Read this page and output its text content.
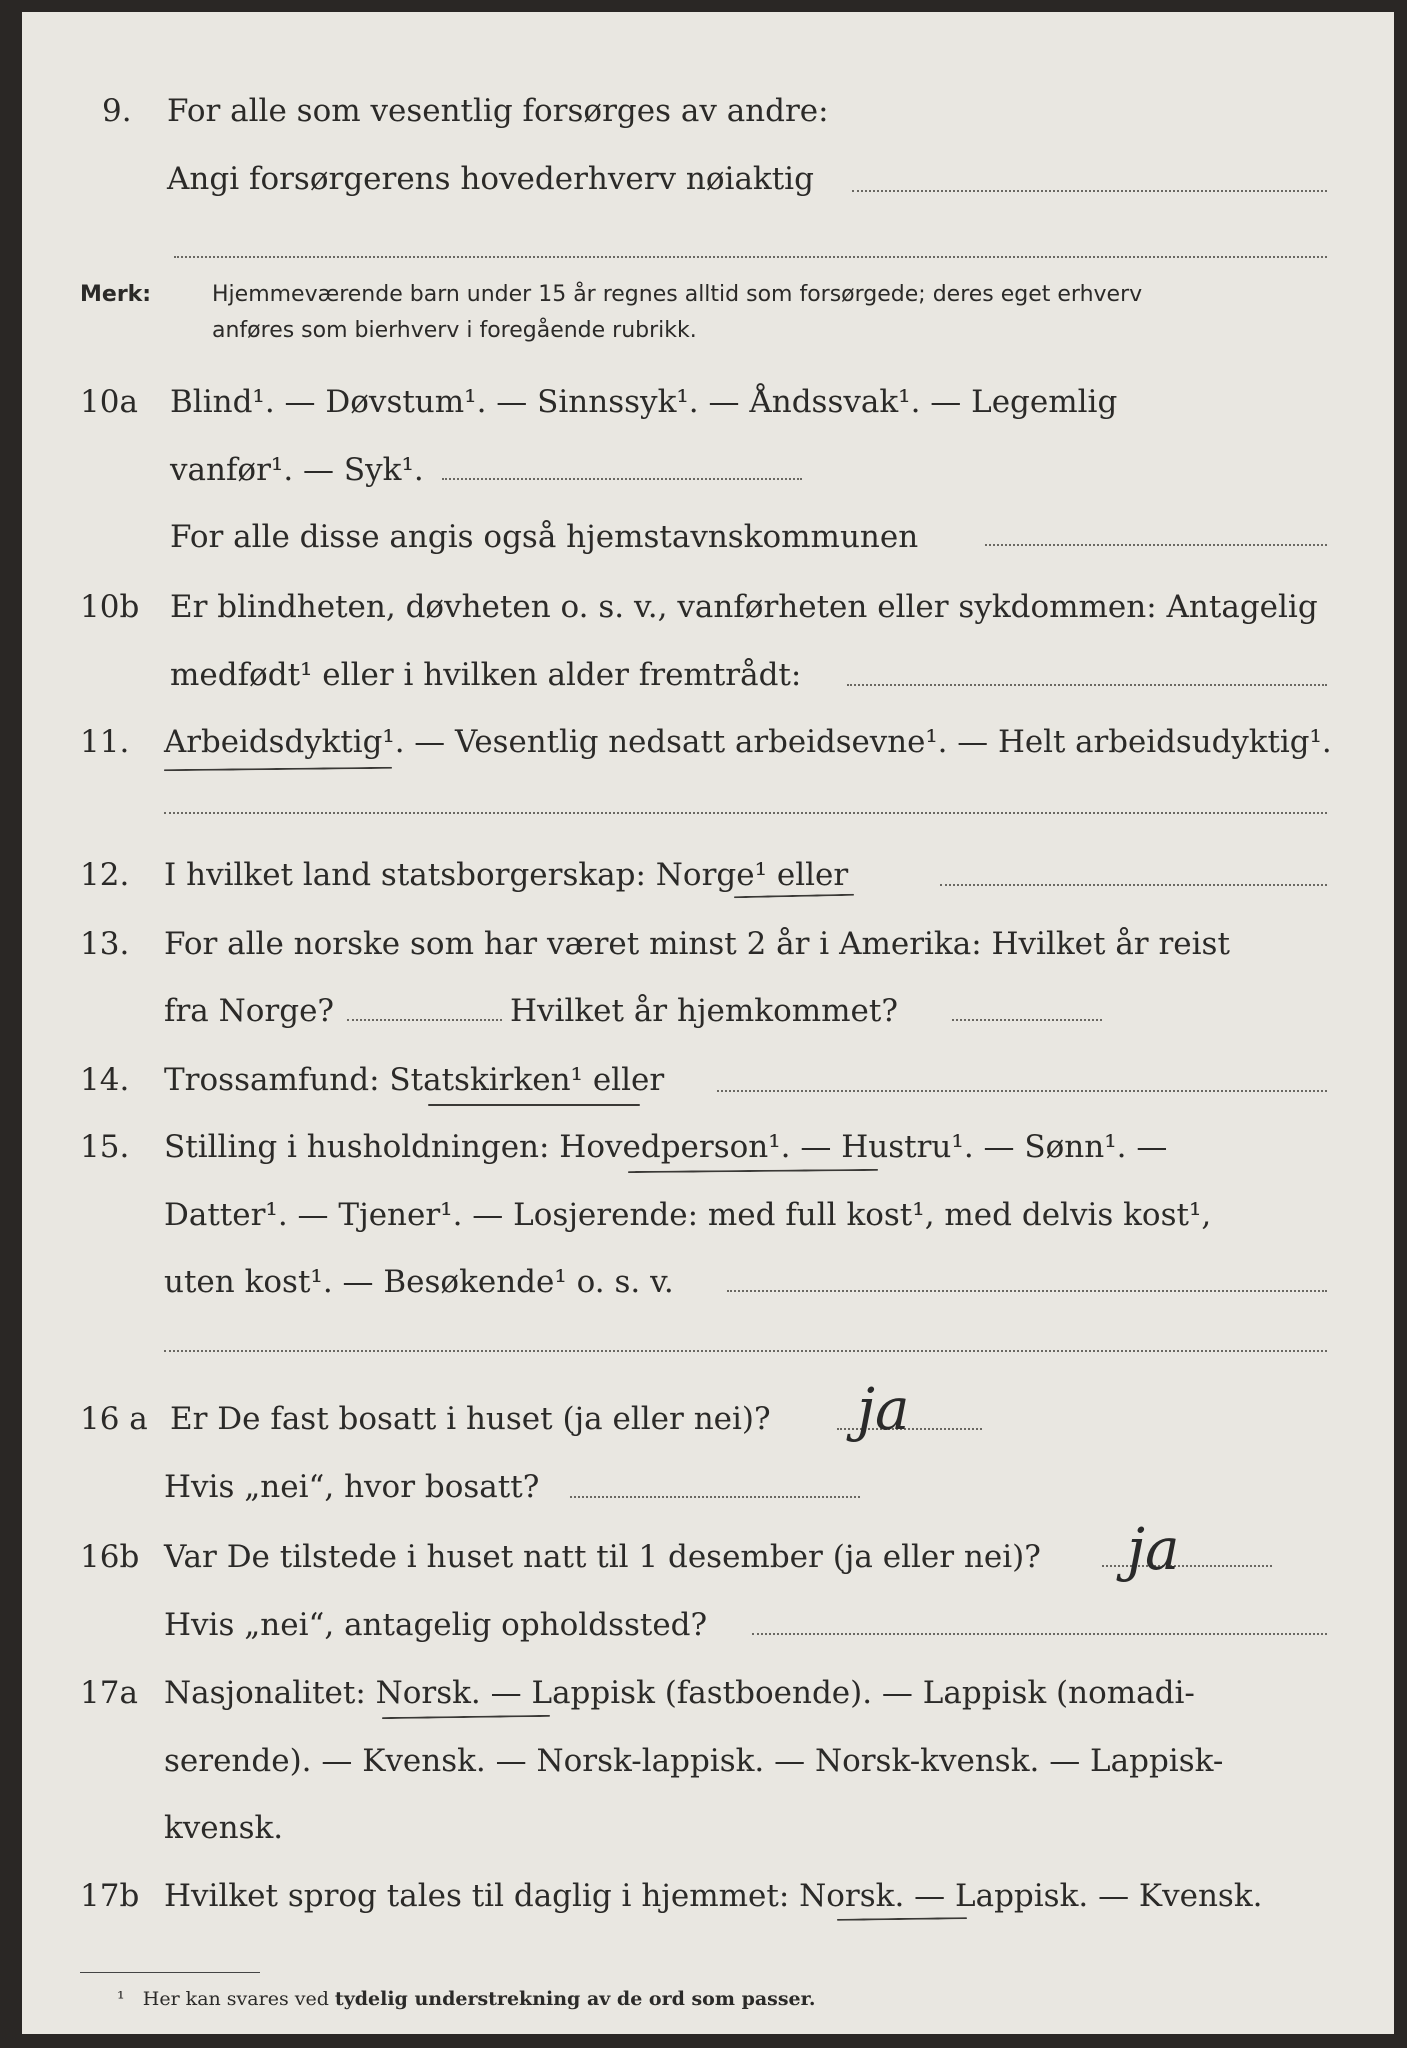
9. For alle som vesentlig forsørges av andre:
Angi forsørgerens hovederhverv nøiaktig
Merk:	Hjemmeværende barn under 15 år regnes alltid som forsørgede; deres eget erhverv
anføres som bierhverv i foregående rubrikk.
10a Blind¹. — Døvstum¹. — Sinnssyk¹. — Åndssvak¹. — Legemlig
vanfør¹. — Syk¹.
For alle disse angis også hjemstavnskommunen
10b Er blindheten, døvheten o. s. v., vanførheten eller sykdommen: Antagelig
medfødt¹ eller i hvilken alder fremtrådt:
11. Arbeidsdyktig¹. — Vesentlig nedsatt arbeidsevne¹. — Helt arbeidsudyktig¹.
12. I hvilket land statsborgerskap: Norge¹ eller
13. For alle norske som har været minst 2 år i Amerika: Hvilket år reist
fra Norge?	Hvilket år hjemkommet?
14. Trossamfund: Statskirken¹ eller
15. Stilling i husholdningen: Hovedperson¹. — Hustru¹. — Sønn¹. —
Datter¹. — Tjener¹. — Losjerende: med full kost¹, med delvis kost¹,
uten kost¹. — Besøkende¹ o. s. v.
16 a Er De fast bosatt i huset (ja eller nei)? ja
Hvis „nei“, hvor bosatt?
16b Var De tilstede i huset natt til 1 desember (ja eller nei)? ja
Hvis „nei“, antagelig opholdssted?
17a Nasjonalitet: Norsk. — Lappisk (fastboende). — Lappisk (nomadi-
serende). — Kvensk. — Norsk-lappisk. — Norsk-kvensk. — Lappisk-
kvensk.
17b Hvilket sprog tales til daglig i hjemmet: Norsk. — Lappisk. — Kvensk.
¹ Her kan svares ved tydelig understrekning av de ord som passer.
